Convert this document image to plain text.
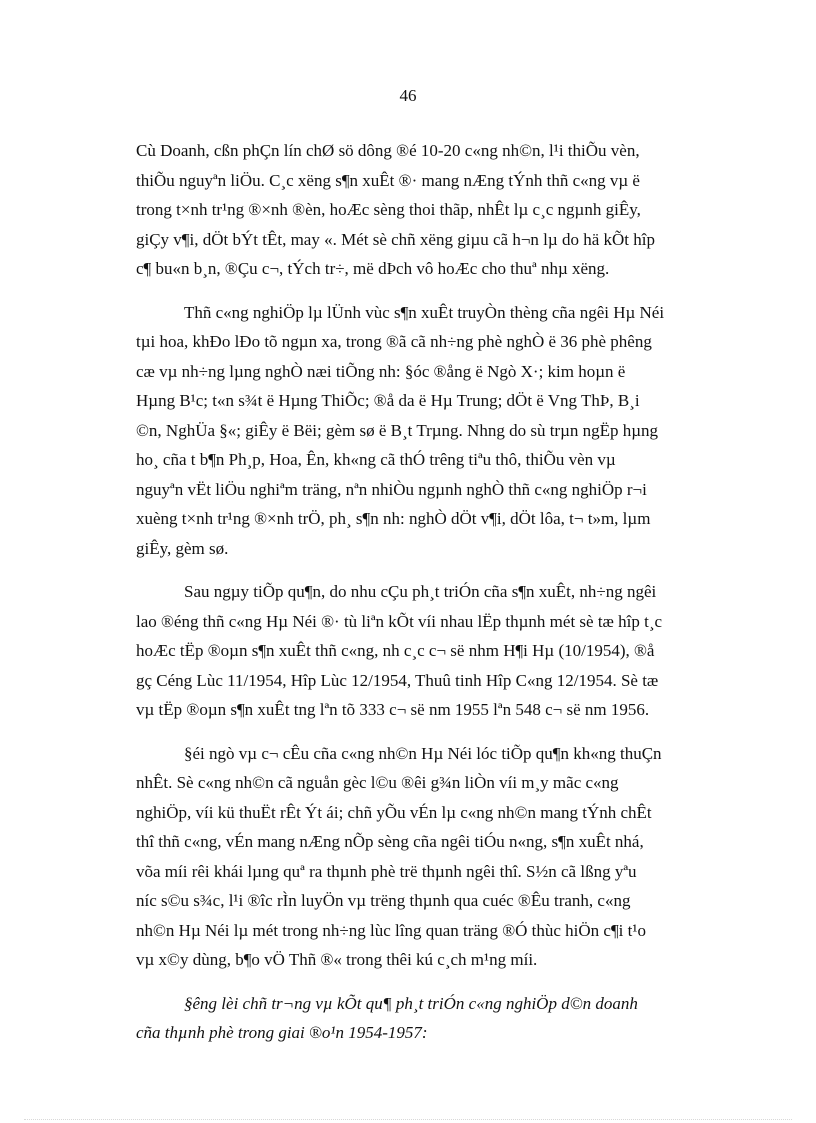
46
Cù Doanh, cßn phÇn lín chØ sö dông ®é 10-20 c«ng nh©n, l¹i thiÕu vèn,
thiÕu nguyªn liÖu. C¸c xëng s¶n xuÊt ®· mang nÆng tÝnh thñ c«ng vµ ë
trong t×nh tr¹ng ®×nh ®èn, hoÆc sèng thoi thãp, nhÊt lµ c¸c ngµnh giÊy,
giÇy v¶i, dÖt bÝt tÊt, may «. Mét sè chñ xëng giµu cã h¬n lµ do hä kÕt hîp
c¶ bu«n b¸n, ®Çu c¬, tÝch tr÷, më dÞch vô hoÆc cho thuª nhµ xëng.
Thñ c«ng nghiÖp lµ lÜnh vùc s¶n xuÊt truyÒn thèng cña ngêi Hµ Néi
tµi hoa, khÐo lÐo tõ ngµn xa, trong ®ã cã nh÷ng phè nghÒ ë 36 phè phêng
cæ vµ nh÷ng lµng nghÒ næi tiÕng nh: §óc ®ång ë Ngò X·; kim hoµn ë
Hµng B¹c; t«n s¾t ë Hµng ThiÕc; ®å da ë Hµ Trung; dÖt ë Vng ThÞ, B¸i
©n, NghÜa §«; giÊy ë Bëi; gèm sø ë B¸t Trµng. Nhng do sù trµn ngËp hµng
ho¸ cña t b¶n Ph¸p, Hoa, Ên, kh«ng cã thÓ trêng tiªu thô, thiÕu vèn vµ
nguyªn vËt liÖu nghiªm träng, nªn nhiÒu ngµnh nghÒ thñ c«ng nghiÖp r¬i
xuèng t×nh tr¹ng ®×nh trÖ, ph¸ s¶n nh: nghÒ dÖt v¶i, dÖt lôa, t¬ t»m, lµm
giÊy, gèm sø.
Sau ngµy tiÕp qu¶n, do nhu cÇu ph¸t triÓn cña s¶n xuÊt, nh÷ng ngêi
lao ®éng thñ c«ng Hµ Néi ®· tù liªn kÕt víi nhau lËp thµnh mét sè tæ hîp t¸c
hoÆc tËp ®oµn s¶n xuÊt thñ c«ng, nh c¸c c¬ së nhm H¶i Hµ (10/1954), ®å
gç Céng Lùc 11/1954, Hîp Lùc 12/1954, Thuû tinh Hîp C«ng 12/1954. Sè tæ
vµ tËp ®oµn s¶n xuÊt tng lªn tõ 333 c¬ së nm 1955 lªn 548 c¬ së nm 1956.
§éi ngò vµ c¬ cÊu cña c«ng nh©n Hµ Néi lóc tiÕp qu¶n kh«ng thuÇn
nhÊt. Sè c«ng nh©n cã nguån gèc l©u ®êi g¾n liÒn víi m¸y mãc c«ng
nghiÖp, víi kü thuËt rÊt Ýt ái; chñ yÕu vÉn lµ c«ng nh©n mang tÝnh chÊt
thî thñ c«ng, vÉn mang nÆng nÕp sèng cña ngêi tiÓu n«ng, s¶n xuÊt nhá,
võa míi rêi khái lµng quª ra thµnh phè trë thµnh ngêi thî. S½n cã lßng yªu
níc s©u s¾c, l¹i ®îc rÌn luyÖn vµ trëng thµnh qua cuéc ®Êu tranh, c«ng
nh©n Hµ Néi lµ mét trong nh÷ng lùc lîng quan träng ®Ó thùc hiÖn c¶i t¹o
vµ x©y dùng, b¶o vÖ Thñ ®« trong thêi kú c¸ch m¹ng míi.
§êng lèi chñ tr¬ng vµ kÕt qu¶ ph¸t triÓn c«ng nghiÖp d©n doanh
cña thµnh phè trong giai ®o¹n 1954-1957:
